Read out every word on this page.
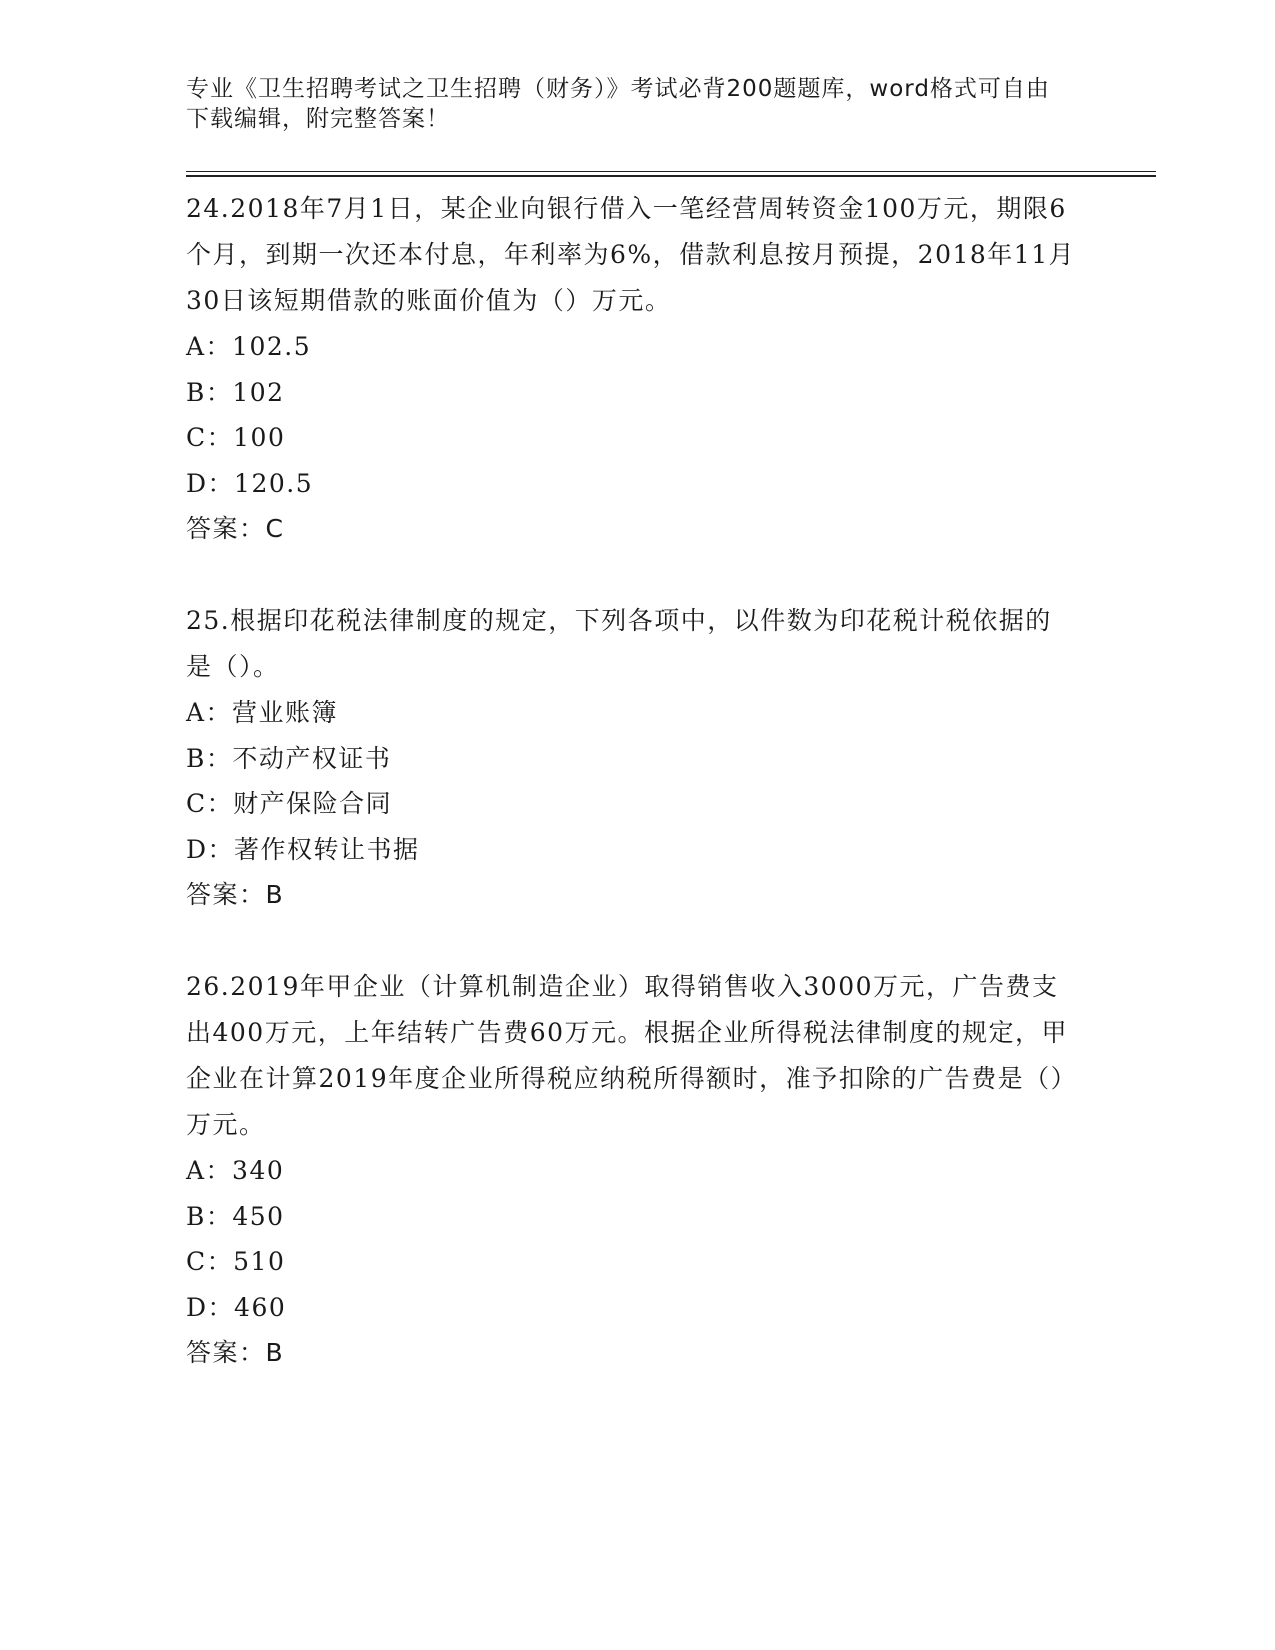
专业《卫生招聘考试之卫生招聘（财务）》考试必背200题题库，word格式可自由下载编辑，附完整答案！
24.2018年7月1日，某企业向银行借入一笔经营周转资金100万元，期限6个月，到期一次还本付息，年利率为6%，借款利息按月预提，2018年11月30日该短期借款的账面价值为（）万元。
A：102.5
B：102
C：100
D：120.5
答案：C
25.根据印花税法律制度的规定，下列各项中，以件数为印花税计税依据的是（）。
A：营业账簿
B：不动产权证书
C：财产保险合同
D：著作权转让书据
答案：B
26.2019年甲企业（计算机制造企业）取得销售收入3000万元，广告费支出400万元，上年结转广告费60万元。根据企业所得税法律制度的规定，甲企业在计算2019年度企业所得税应纳税所得额时，准予扣除的广告费是（）万元。
A：340
B：450
C：510
D：460
答案：B
